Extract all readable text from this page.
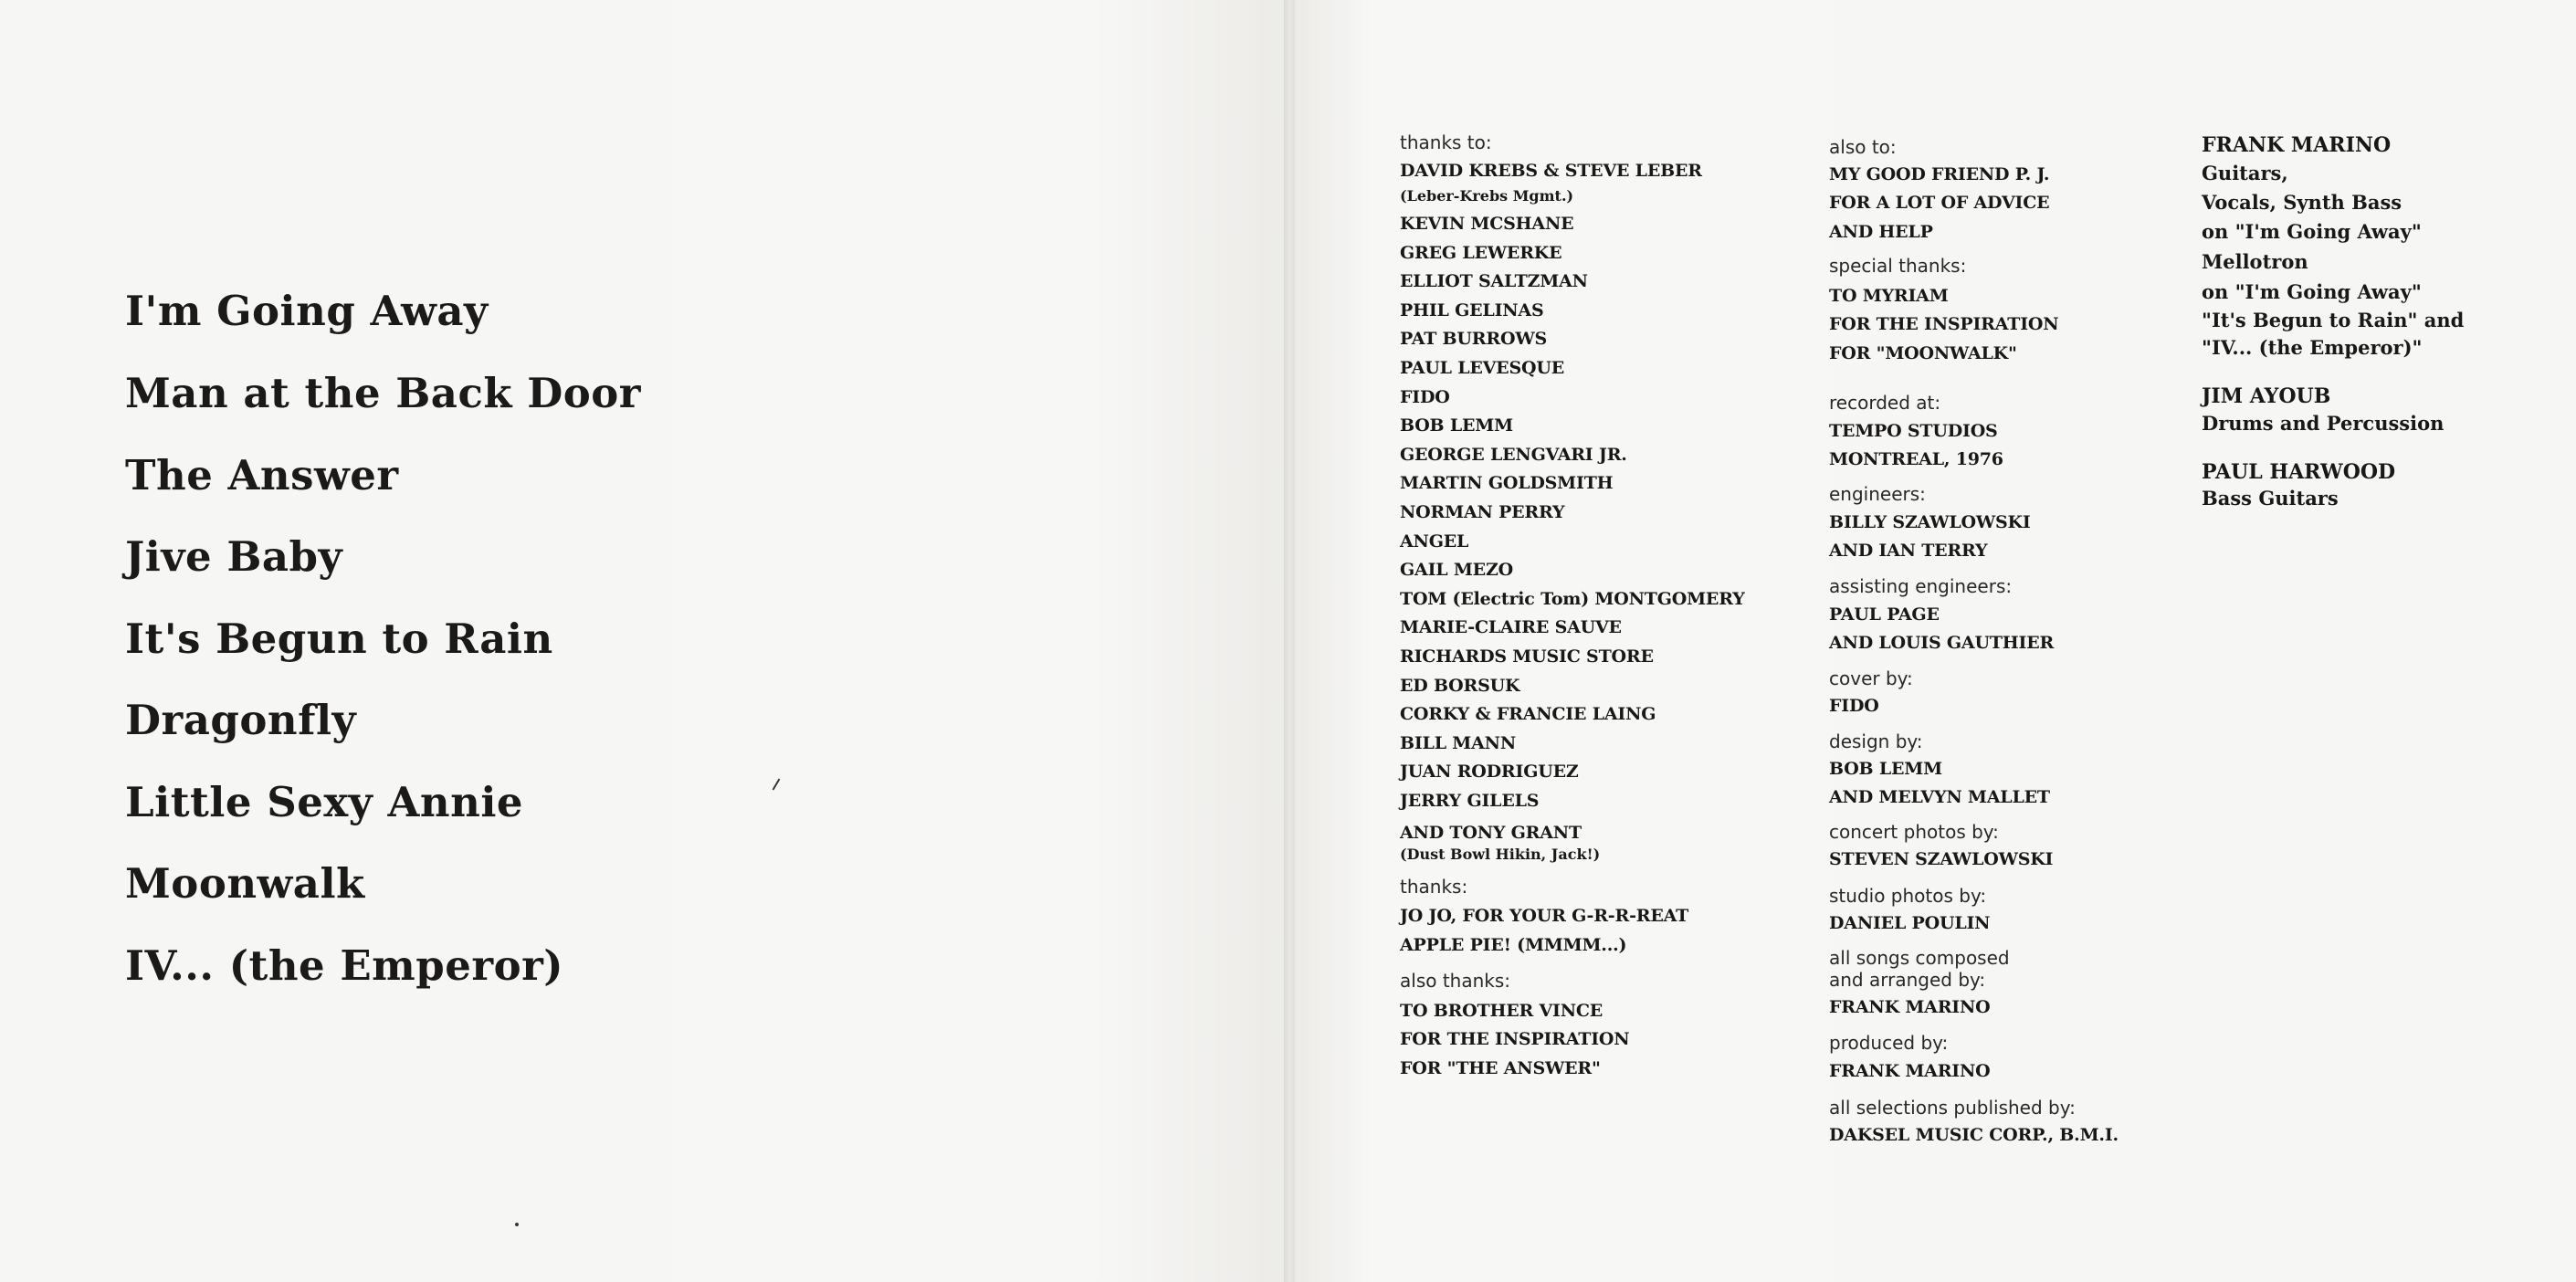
I'm Going Away
Man at the Back Door
The Answer
Jive Baby
It's Begun to Rain
Dragonfly
Little Sexy Annie
Moonwalk
IV... (the Emperor)
thanks to:
DAVID KREBS & STEVE LEBER
(Leber-Krebs Mgmt.)
KEVIN MCSHANE
GREG LEWERKE
ELLIOT SALTZMAN
PHIL GELINAS
PAT BURROWS
PAUL LEVESQUE
FIDO
BOB LEMM
GEORGE LENGVARI JR.
MARTIN GOLDSMITH
NORMAN PERRY
ANGEL
GAIL MEZO
TOM (Electric Tom) MONTGOMERY
MARIE-CLAIRE SAUVE
RICHARDS MUSIC STORE
ED BORSUK
CORKY & FRANCIE LAING
BILL MANN
JUAN RODRIGUEZ
JERRY GILELS
AND TONY GRANT
(Dust Bowl Hikin, Jack!)
thanks:
JO JO, FOR YOUR G-R-R-REAT
APPLE PIE! (MMMM...)
also thanks:
TO BROTHER VINCE
FOR THE INSPIRATION
FOR "THE ANSWER"
also to:
MY GOOD FRIEND P. J.
FOR A LOT OF ADVICE
AND HELP
special thanks:
TO MYRIAM
FOR THE INSPIRATION
FOR "MOONWALK"
recorded at:
TEMPO STUDIOS
MONTREAL, 1976
engineers:
BILLY SZAWLOWSKI
AND IAN TERRY
assisting engineers:
PAUL PAGE
AND LOUIS GAUTHIER
cover by:
FIDO
design by:
BOB LEMM
AND MELVYN MALLET
concert photos by:
STEVEN SZAWLOWSKI
studio photos by:
DANIEL POULIN
all songs composed
and arranged by:
FRANK MARINO
produced by:
FRANK MARINO
all selections published by:
DAKSEL MUSIC CORP., B.M.I.
FRANK MARINO
Guitars,
Vocals, Synth Bass
on "I'm Going Away"
Mellotron
on "I'm Going Away"
"It's Begun to Rain" and
"IV... (the Emperor)"
JIM AYOUB
Drums and Percussion
PAUL HARWOOD
Bass Guitars
